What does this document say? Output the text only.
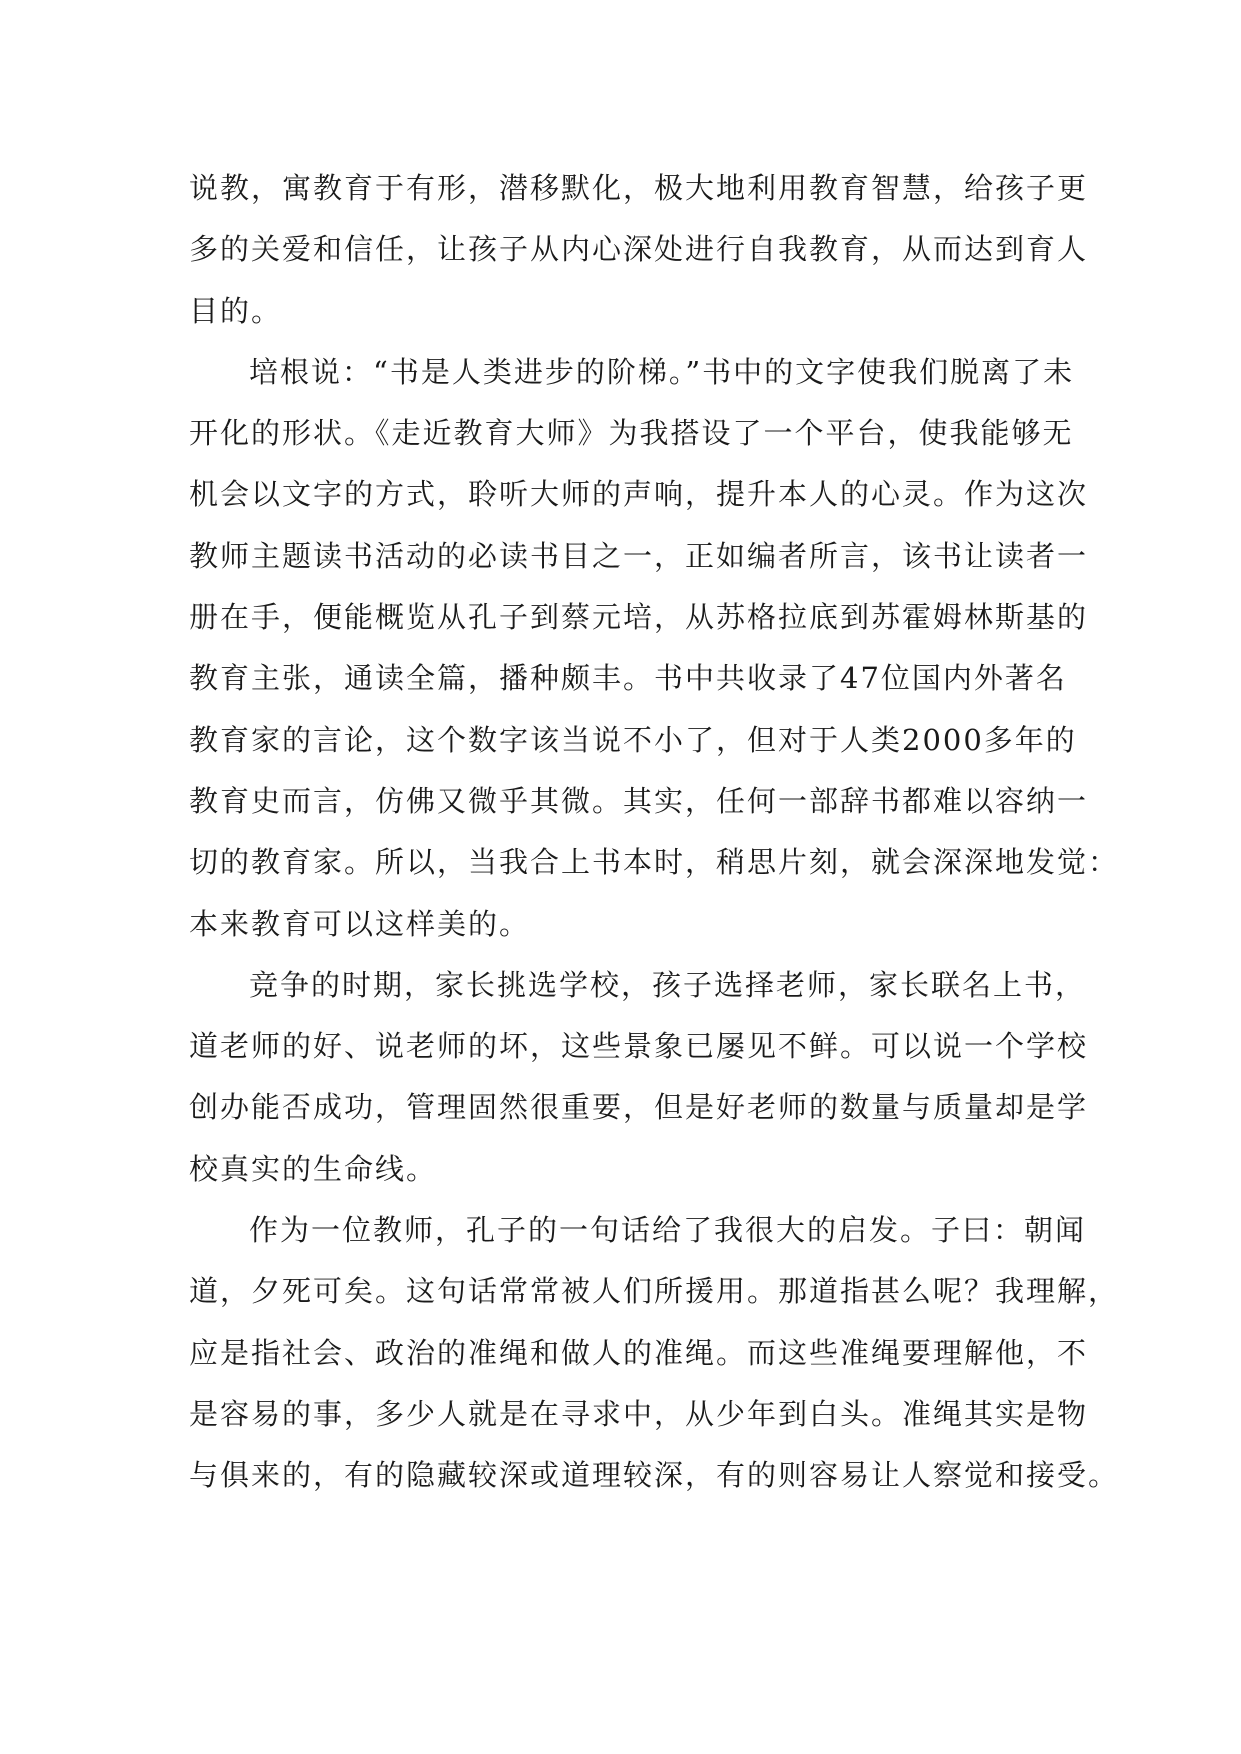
说教，寓教育于有形，潜移默化，极大地利用教育智慧，给孩子更
多的关爱和信任，让孩子从内心深处进行自我教育，从而达到育人
目的。
培根说：“书是人类进步的阶梯。”书中的文字使我们脱离了未
开化的形状。《走近教育大师》为我搭设了一个平台，使我能够无
机会以文字的方式，聆听大师的声响，提升本人的心灵。作为这次
教师主题读书活动的必读书目之一，正如编者所言，该书让读者一
册在手，便能概览从孔子到蔡元培，从苏格拉底到苏霍姆林斯基的
教育主张，通读全篇，播种颇丰。书中共收录了47位国内外著名
教育家的言论，这个数字该当说不小了，但对于人类2000多年的
教育史而言，仿佛又微乎其微。其实，任何一部辞书都难以容纳一
切的教育家。所以，当我合上书本时，稍思片刻，就会深深地发觉：
本来教育可以这样美的。
竞争的时期，家长挑选学校，孩子选择老师，家长联名上书，
道老师的好、说老师的坏，这些景象已屡见不鲜。可以说一个学校
创办能否成功，管理固然很重要，但是好老师的数量与质量却是学
校真实的生命线。
作为一位教师，孔子的一句话给了我很大的启发。子曰：朝闻
道，夕死可矣。这句话常常被人们所援用。那道指甚么呢？我理解，
应是指社会、政治的准绳和做人的准绳。而这些准绳要理解他，不
是容易的事，多少人就是在寻求中，从少年到白头。准绳其实是物
与俱来的，有的隐藏较深或道理较深，有的则容易让人察觉和接受。
